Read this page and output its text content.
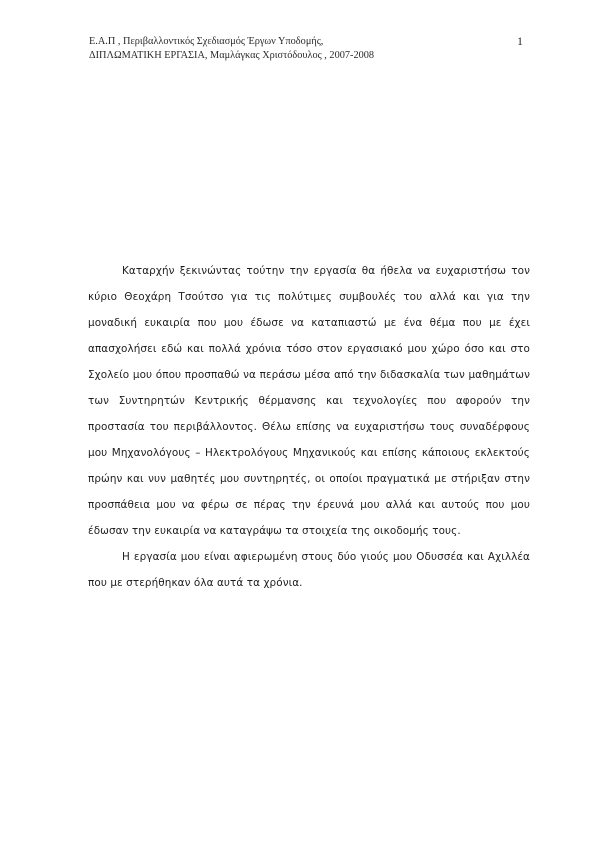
Ε.Α.Π , Περιβαλλοντικός Σχεδιασμός Έργων Υποδομής,
ΔΙΠΛΩΜΑΤΙΚΗ ΕΡΓΑΣΙΑ, Μαμλάγκας Χριστόδουλος , 2007-2008
1

Καταρχήν ξεκινώντας τούτην την εργασία θα ήθελα να ευχαριστήσω τον κύριο Θεοχάρη Τσούτσο για τις πολύτιμες συμβουλές του αλλά και για την μοναδική ευκαιρία που μου έδωσε να καταπιαστώ με ένα θέμα που με έχει απασχολήσει εδώ και πολλά χρόνια τόσο στον εργασιακό μου χώρο όσο και στο Σχολείο μου όπου προσπαθώ να περάσω μέσα από την διδασκαλία των μαθημάτων των Συντηρητών Κεντρικής θέρμανσης και τεχνολογίες που αφορούν την προστασία του περιβάλλοντος. Θέλω επίσης να ευχαριστήσω τους συναδέρφους μου Μηχανολόγους – Ηλεκτρολόγους Μηχανικούς και επίσης κάποιους εκλεκτούς πρώην και νυν μαθητές μου συντηρητές, οι οποίοι πραγματικά με στήριξαν στην προσπάθεια μου να φέρω σε πέρας την έρευνά μου αλλά και αυτούς που μου έδωσαν την ευκαιρία να καταγράψω τα στοιχεία της οικοδομής τους.

Η εργασία μου είναι αφιερωμένη στους δύο γιούς μου Οδυσσέα και Αχιλλέα που με στερήθηκαν όλα αυτά τα χρόνια.
